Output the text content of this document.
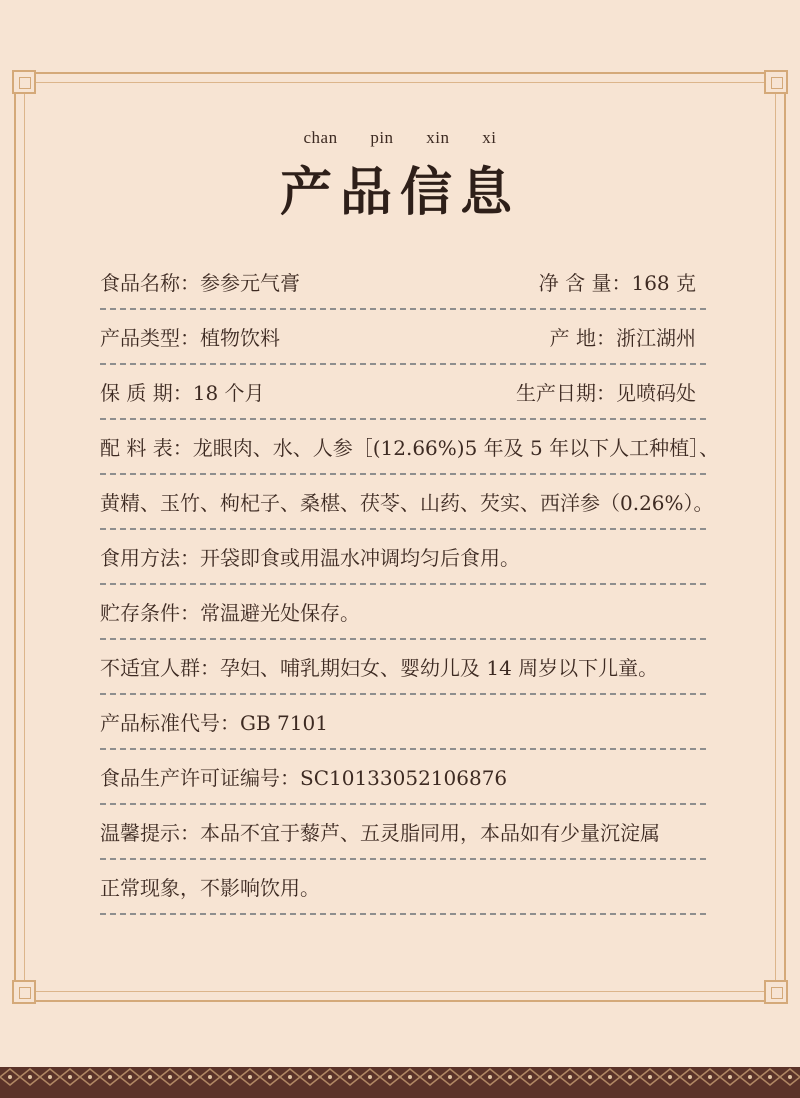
chan pin xin xi
产品信息
食品名称：参参元气膏	净 含 量：168 克
产品类型：植物饮料	产 地：浙江湖州
保 质 期：18 个月	生产日期：见喷码处
配 料 表：龙眼肉、水、人参［(12.66%)5 年及 5 年以下人工种植］、
黄精、玉竹、枸杞子、桑椹、茯苓、山药、芡实、西洋参（0.26%）。
食用方法：开袋即食或用温水冲调均匀后食用。
贮存条件：常温避光处保存。
不适宜人群：孕妇、哺乳期妇女、婴幼儿及 14 周岁以下儿童。
产品标准代号：GB 7101
食品生产许可证编号：SC10133052106876
温馨提示：本品不宜于藜芦、五灵脂同用，本品如有少量沉淀属
正常现象，不影响饮用。
